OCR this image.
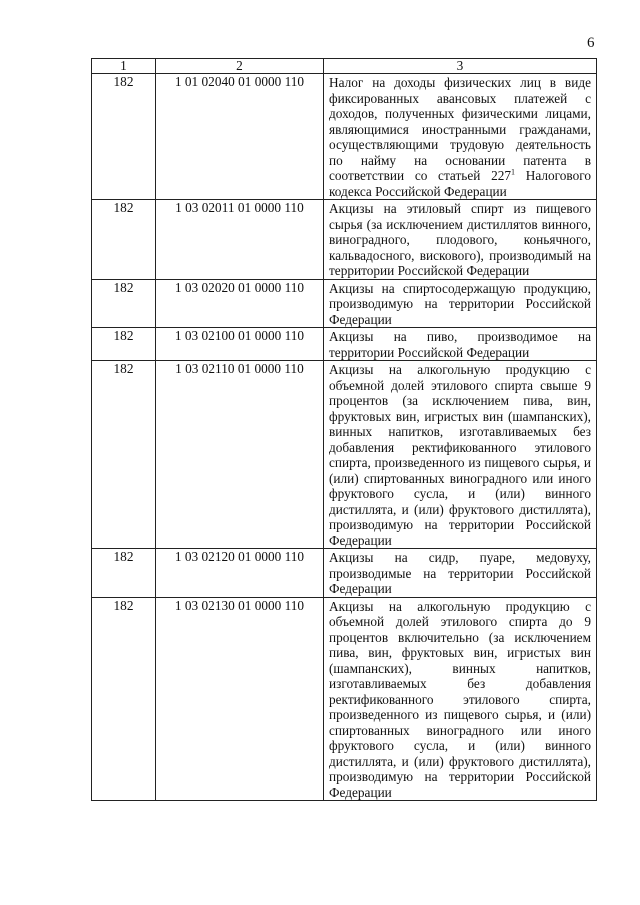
6
1	2	3
182	1 01 02040 01 0000 110	Налог на доходы физических лиц в виде фиксированных авансовых платежей с доходов, полученных физическими лицами, являющимися иностранными гражданами, осуществляющими трудовую деятельность по найму на основании патента в соответствии со статьей $227^1$ Налогового кодекса Российской Федерации

182	1 03 02011 01 0000 110	Акцизы на этиловый спирт из пищевого сырья (за исключением дистиллятов винного, виноградного, плодового, коньячного, кальвадосного, вискового), производимый на территории Российской Федерации

182	1 03 02020 01 0000 110	Акцизы на спиртосодержащую продукцию, производимую на территории Российской Федерации

182	1 03 02100 01 0000 110	Акцизы на пиво, производимое на территории Российской Федерации

182	1 03 02110 01 0000 110	Акцизы на алкогольную продукцию с объемной долей этилового спирта свыше 9 процентов (за исключением пива, вин, фруктовых вин, игристых вин (шампанских), винных напитков, изготавливаемых без добавления ректификованного этилового спирта, произведенного из пищевого сырья, и (или) спиртованных виноградного или иного фруктового сусла, и (или) винного дистиллята, и (или) фруктового дистиллята), производимую на территории Российской Федерации

182	1 03 02120 01 0000 110	Акцизы на сидр, пуаре, медовуху, производимые на территории Российской Федерации

182	1 03 02130 01 0000 110	Акцизы на алкогольную продукцию с объемной долей этилового спирта до 9 процентов включительно (за исключением пива, вин, фруктовых вин, игристых вин (шампанских), винных напитков, изготавливаемых без добавления ректификованного этилового спирта, произведенного из пищевого сырья, и (или) спиртованных виноградного или иного фруктового сусла, и (или) винного дистиллята, и (или) фруктового дистиллята), производимую на территории Российской Федерации
